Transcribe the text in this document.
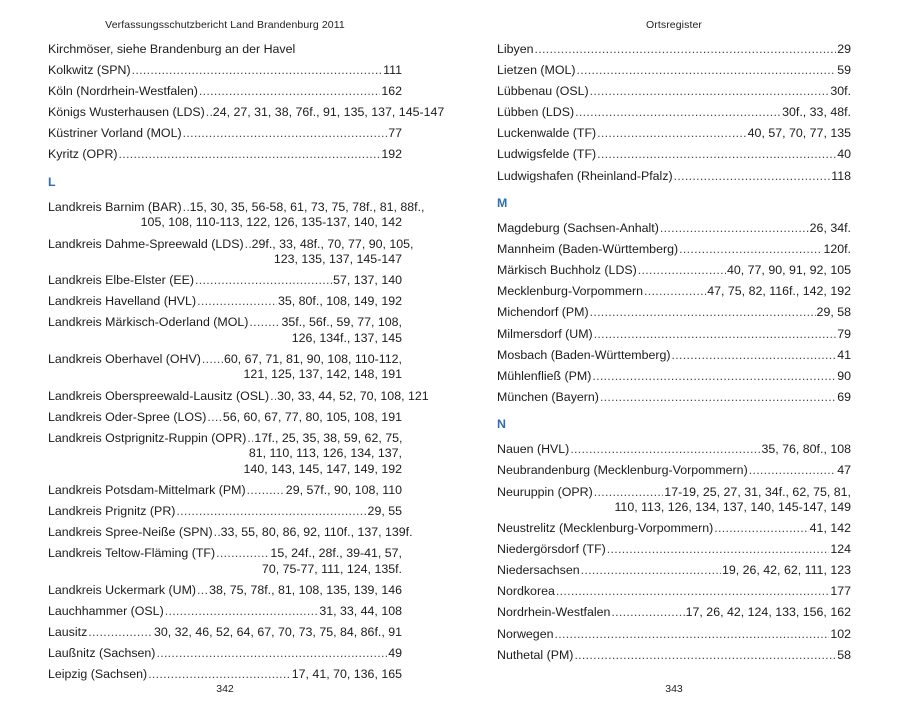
Verfassungsschutzbericht Land Brandenburg 2011
Kirchmöser, siehe Brandenburg an der Havel
Kolkwitz (SPN) .....	111
Köln (Nordrhein-Westfalen) .....	162
Königs Wusterhausen (LDS) ..... 24, 27, 31, 38, 76f., 91, 135, 137, 145-147
Küstriner Vorland (MOL) .....	77
Kyritz (OPR) .....	192
L
Landkreis Barnim (BAR) ..... 15, 30, 35, 56-58, 61, 73, 75, 78f., 81, 88f.,
105, 108, 110-113, 122, 126, 135-137, 140, 142
Landkreis Dahme-Spreewald (LDS) ..... 29f., 33, 48f., 70, 77, 90, 105,
123, 135, 137, 145-147
Landkreis Elbe-Elster (EE) .....	57, 137, 140
Landkreis Havelland (HVL) .....	35, 80f., 108, 149, 192
Landkreis Märkisch-Oderland (MOL) .....	35f., 56f., 59, 77, 108,
126, 134f., 137, 145
Landkreis Oberhavel (OHV) ..... 60, 67, 71, 81, 90, 108, 110-112,
121, 125, 137, 142, 148, 191
Landkreis Oberspreewald-Lausitz (OSL) ..... 30, 33, 44, 52, 70, 108, 121
Landkreis Oder-Spree (LOS) ..... 56, 60, 67, 77, 80, 105, 108, 191
Landkreis Ostprignitz-Ruppin (OPR) ..... 17f., 25, 35, 38, 59, 62, 75,
81, 110, 113, 126, 134, 137,
140, 143, 145, 147, 149, 192
Landkreis Potsdam-Mittelmark (PM) .....	29, 57f., 90, 108, 110
Landkreis Prignitz (PR) .....	29, 55
Landkreis Spree-Neiße (SPN) ..... 33, 55, 80, 86, 92, 110f., 137, 139f.
Landkreis Teltow-Fläming (TF) .....	15, 24f., 28f., 39-41, 57,
70, 75-77, 111, 124, 135f.
Landkreis Uckermark (UM) ..... 38, 75, 78f., 81, 108, 135, 139, 146
Lauchhammer (OSL) .....	31, 33, 44, 108
Lausitz .....	30, 32, 46, 52, 64, 67, 70, 73, 75, 84, 86f., 91
Laußnitz (Sachsen) .....	49
Leipzig (Sachsen) .....	17, 41, 70, 136, 165
342
Ortsregister
Libyen .....	29
Lietzen (MOL) .....	59
Lübbenau (OSL) .....	30f.
Lübben (LDS) .....	30f., 33, 48f.
Luckenwalde (TF) .....	40, 57, 70, 77, 135
Ludwigsfelde (TF) .....	40
Ludwigshafen (Rheinland-Pfalz) .....	118
M
Magdeburg (Sachsen-Anhalt) .....	26, 34f.
Mannheim (Baden-Württemberg) .....	120f.
Märkisch Buchholz (LDS) .....	40, 77, 90, 91, 92, 105
Mecklenburg-Vorpommern .....	47, 75, 82, 116f., 142, 192
Michendorf (PM) .....	29, 58
Milmersdorf (UM) .....	79
Mosbach (Baden-Württemberg) .....	41
Mühlenfließ (PM) .....	90
München (Bayern) .....	69
N
Nauen (HVL) .....	35, 76, 80f., 108
Neubrandenburg (Mecklenburg-Vorpommern) .....	47
Neuruppin (OPR) .....	17-19, 25, 27, 31, 34f., 62, 75, 81,
110, 113, 126, 134, 137, 140, 145-147, 149
Neustrelitz (Mecklenburg-Vorpommern) .....	41, 142
Niedergörsdorf (TF) .....	124
Niedersachsen .....	19, 26, 42, 62, 111, 123
Nordkorea .....	177
Nordrhein-Westfalen .....	17, 26, 42, 124, 133, 156, 162
Norwegen .....	102
Nuthetal (PM) .....	58
343
